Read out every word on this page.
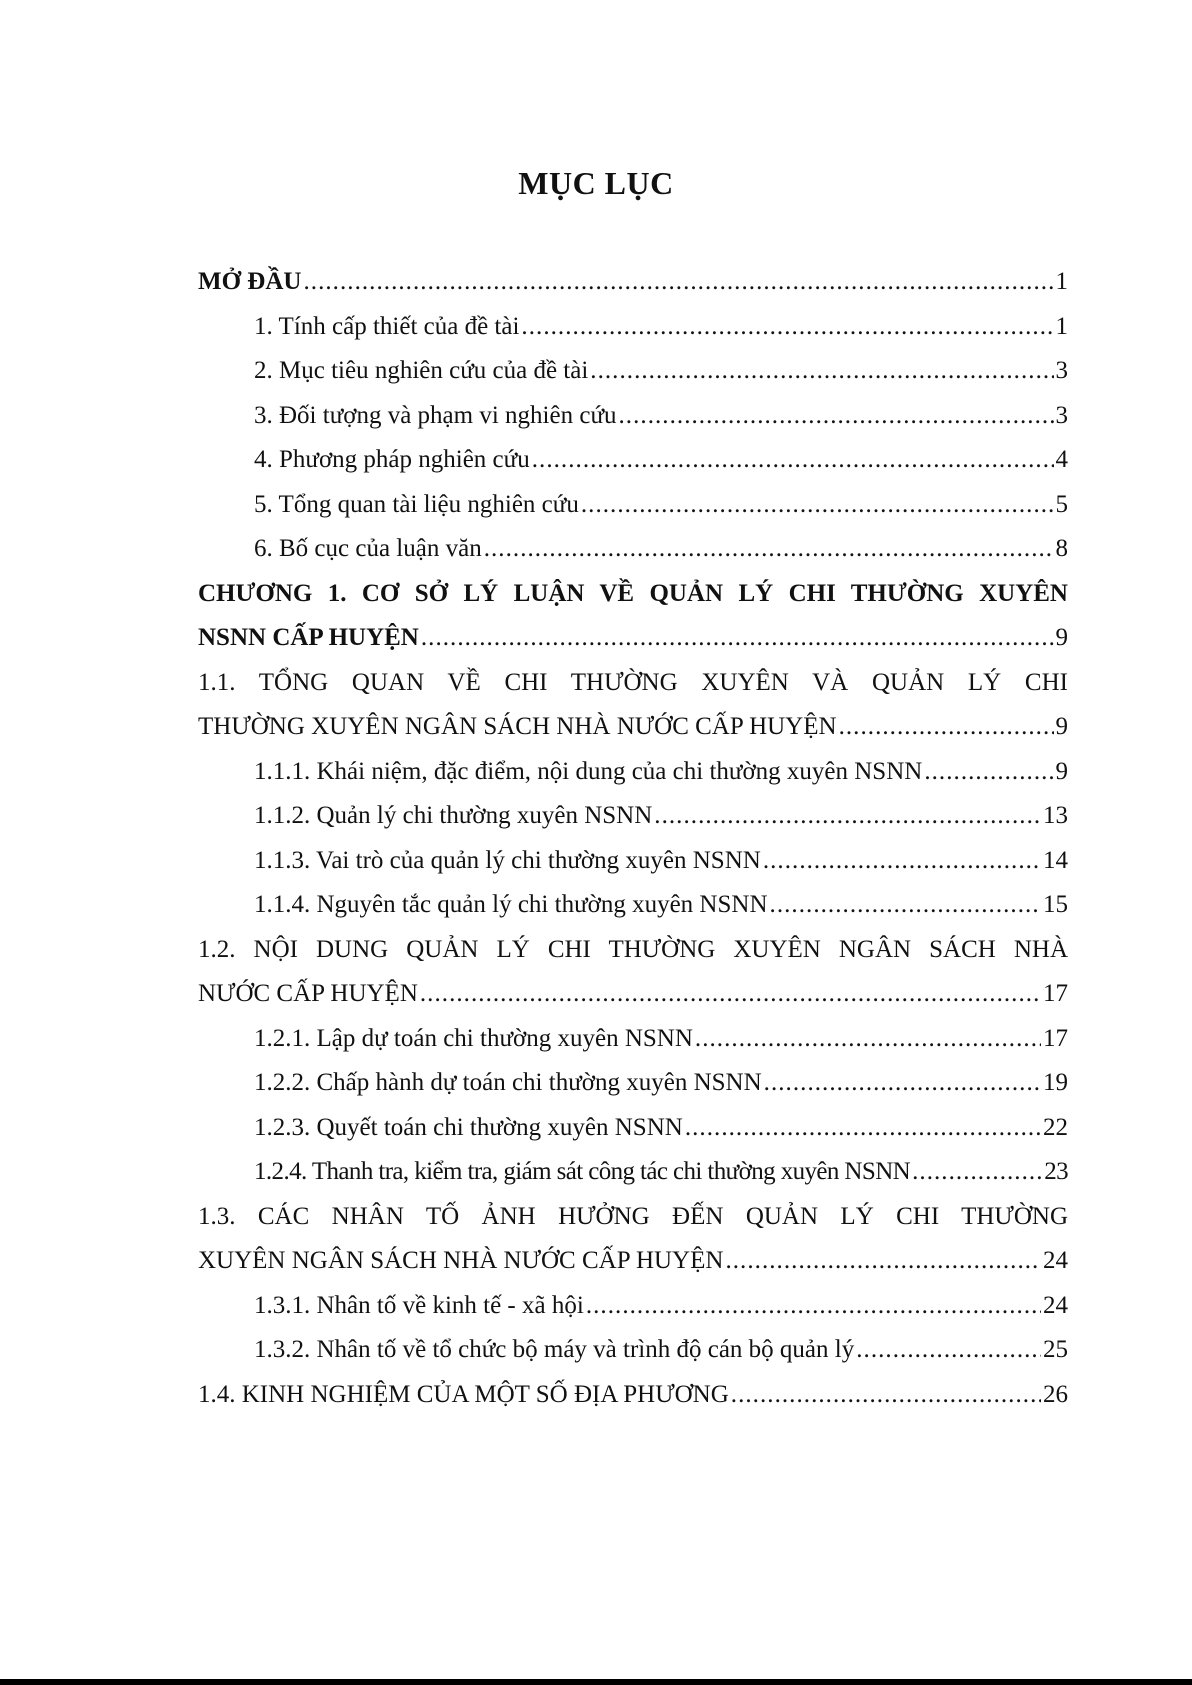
MỤC LỤC
MỞ ĐẦU . . .	1
1. Tính cấp thiết của đề tài . . .	1
2. Mục tiêu nghiên cứu của đề tài . . .	3
3. Đối tượng và phạm vi nghiên cứu . . .	3
4. Phương pháp nghiên cứu . . .	4
5. Tổng quan tài liệu nghiên cứu . . .	5
6. Bố cục của luận văn . . .	8
CHƯƠNG 1. CƠ SỞ LÝ LUẬN VỀ QUẢN LÝ CHI THƯỜNG XUYÊN
NSNN CẤP HUYỆN . . .	9
1.1. TỔNG QUAN VỀ CHI THƯỜNG XUYÊN VÀ QUẢN LÝ CHI
THƯỜNG XUYÊN NGÂN SÁCH NHÀ NƯỚC CẤP HUYỆN . . .	9
1.1.1. Khái niệm, đặc điểm, nội dung của chi thường xuyên NSNN . . .	9
1.1.2. Quản lý chi thường xuyên NSNN . . .	13
1.1.3. Vai trò của quản lý chi thường xuyên NSNN . . .	14
1.1.4. Nguyên tắc quản lý chi thường xuyên NSNN . . .	15
1.2. NỘI DUNG QUẢN LÝ CHI THƯỜNG XUYÊN NGÂN SÁCH NHÀ
NƯỚC CẤP HUYỆN . . .	17
1.2.1. Lập dự toán chi thường xuyên NSNN . . .	17
1.2.2. Chấp hành dự toán chi thường xuyên NSNN . . .	19
1.2.3. Quyết toán chi thường xuyên NSNN . . .	22
1.2.4. Thanh tra, kiểm tra, giám sát công tác chi thường xuyên NSNN . . .	23
1.3. CÁC NHÂN TỐ ẢNH HƯỞNG ĐẾN QUẢN LÝ CHI THƯỜNG
XUYÊN NGÂN SÁCH NHÀ NƯỚC CẤP HUYỆN . . .	24
1.3.1. Nhân tố về kinh tế - xã hội . . .	24
1.3.2. Nhân tố về tổ chức bộ máy và trình độ cán bộ quản lý . . .	25
1.4. KINH NGHIỆM CỦA MỘT SỐ ĐỊA PHƯƠNG . . .	26
